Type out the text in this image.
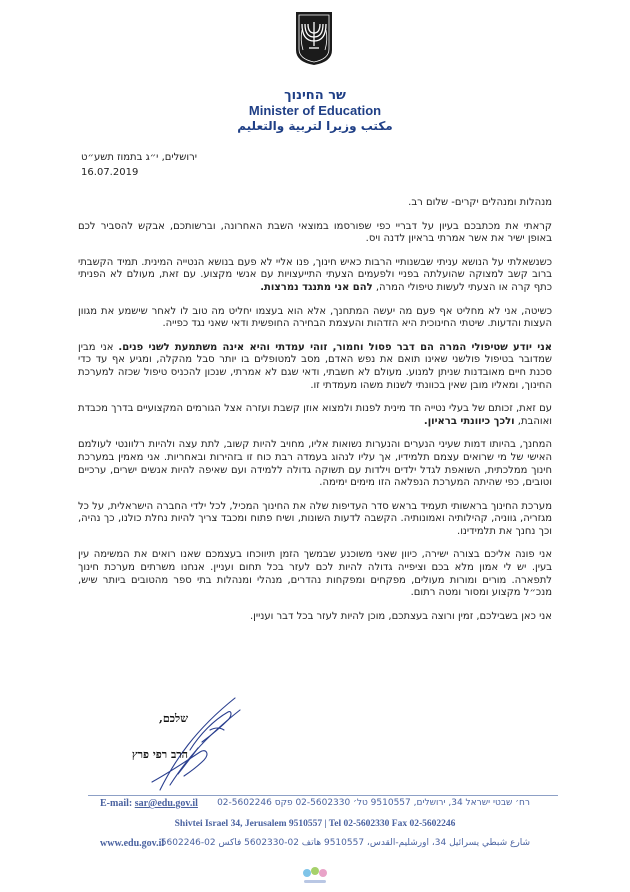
שר החינוך
Minister of Education
مكتب وزيرا لتربية والتعليم
ירושלים, י״ג בתמוז תשע״ט
16.07.2019

מנהלות ומנהלים יקרים- שלום רב.

קראתי את מכתבכם בעיון על דבריי כפי שפורסמו במוצאי השבת האחרונה, וברשותכם, אבקש להסביר לכם באופן ישיר את אשר אמרתי בראיון לדנה ויס.

כשנשאלתי על הנושא עניתי שבשנותיי הרבות כאיש חינוך, פנו אליי לא פעם בנושא הנטייה המינית. תמיד הקשבתי ברוב קשב למצוקה שהועלתה בפניי ולפעמים הצעתי התייעצויות עם אנשי מקצוע. עם זאת, מעולם לא הפניתי כתף קרה או הצעתי לעשות טיפולי המרה, להם אני מתנגד נמרצות.

כשיטה, אני לא מחליט אף פעם מה יעשה המתחנך, אלא הוא בעצמו יחליט מה טוב לו לאחר שישמע את מגוון העצות והדעות. שיטתי החינוכית היא הזדהות והעצמת הבחירה החופשית ודאי שאני נגד כפייה.

אני יודע שטיפולי המרה הם דבר פסול וחמור, זוהי עמדתי והיא אינה משתמעת לשני פנים. אני מבין שמדובר בטיפול פולשני שאינו תואם את נפש האדם, מסב למטופלים בו יותר סבל מהקלה, ומגיע אף עד כדי סכנת חיים מאובדנות שניתן למנוע. מעולם לא חשבתי, ודאי שגם לא אמרתי, שנכון להכניס טיפול שכזה למערכת החינוך, ומאליו מובן שאין בכוונתי לשנות משהו מעמדתי זו.

עם זאת, זכותם של בעלי נטייה חד מינית לפנות ולמצוא אוזן קשבת ועזרה אצל הגורמים המקצועיים בדרך מכבדת ואוהבת, ולכך כיוונתי בראיון.

המחנך, בהיותו דמות שעיני הנערים והנערות נשואות אליו, מחויב להיות קשוב, לתת עצה ולהיות רלוונטי לעולמם האישי של מי שרואים עצמם תלמידיו, אך עליו לנהוג בעמדה רבת כוח זו בזהירות ובאחריות. אני מאמין במערכת חינוך ממלכתית, השואפת לגדל ילדים וילדות עם תשוקה גדולה ללמידה ועם שאיפה להיות אנשים ישרים, ערכיים וטובים, כפי שהיתה המערכת הנפלאה הזו מימים ימימה.

מערכת החינוך בראשותי תעמיד בראש סדר העדיפות שלה את החינוך המכיל, לכל ילדי החברה הישראלית, על כל מגזריה, גווניה, קהילותיה ואמונותיה. הקשבה לדעות השונות, ושיח פתוח ומכבד צריך להיות נחלת כולנו, כך נהיה, וכך נחנך את תלמידינו.

אני פונה אליכם בצורה ישירה, כיוון שאני משוכנע שבמשך הזמן תיווכחו בעצמכם שאנו רואים את המשימה עין בעין. יש לי אמון מלא בכם וציפייה גדולה להיות לכם לעזר בכל תחום ועניין. אנחנו משרתים מערכת חינוך לתפארה. מורים ומורות מעולים, מפקחים ומפקחות נהדרים, מנהלי ומנהלות בתי ספר מהטובים ביותר שיש, מנכ״ל מקצוע ומסור ומטה רתום.

אני כאן בשבילכם, זמין ורוצה בעצתכם, מוכן להיות לעזר בכל דבר ועניין.

שלכם,
הרב רפי פרץ
E-mail: sar@edu.gov.il רח׳ שבטי ישראל 34, ירושלים, 9510557 טל׳ 02-5602330 פקס 02-5602246
Shivtei Israel 34, Jerusalem 9510557 | Tel 02-5602330 Fax 02-5602246
www.edu.gov.il
شارع شبطي يسرائيل 34، اورشليم-القدس، 9510557 هاتف 02-5602330 فاكس 02-5602246
